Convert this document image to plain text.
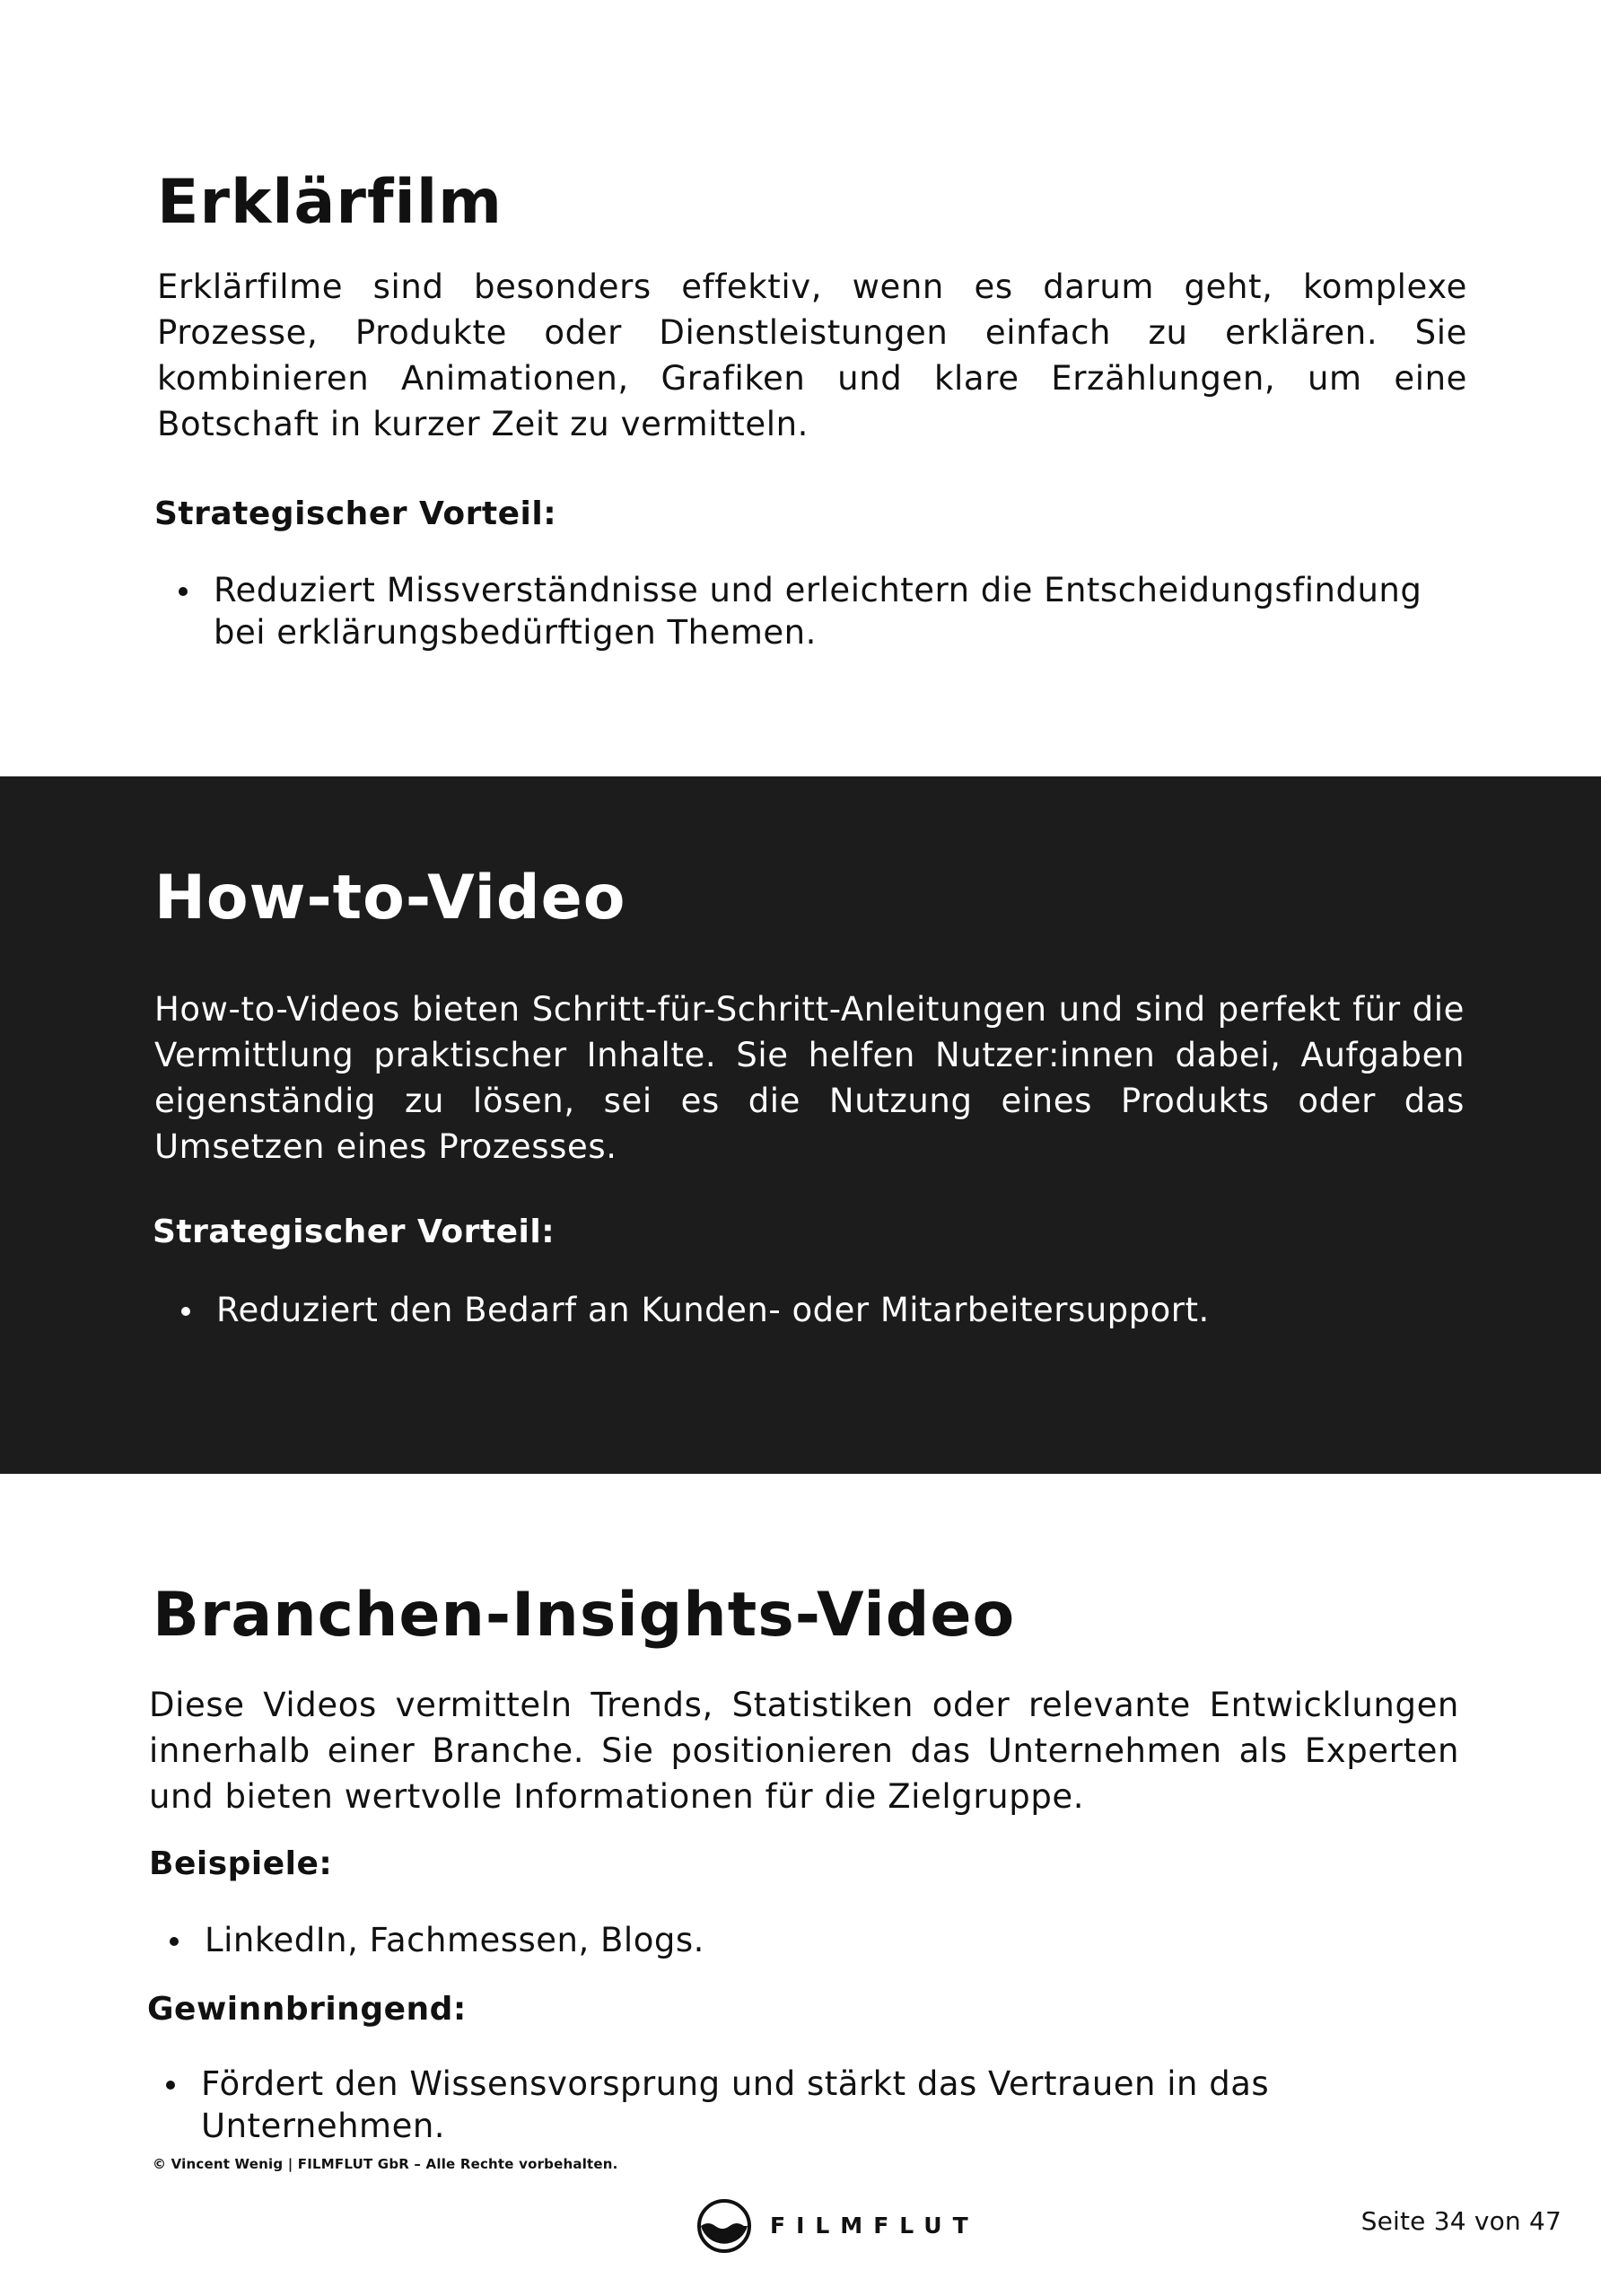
Erklärfilm

Erklärfilme sind besonders effektiv, wenn es darum geht, komplexe Prozesse, Produkte oder Dienstleistungen einfach zu erklären. Sie kombinieren Animationen, Grafiken und klare Erzählungen, um eine Botschaft in kurzer Zeit zu vermitteln.

Strategischer Vorteil:
Reduziert Missverständnisse und erleichtern die Entscheidungsfindung bei erklärungsbedürftigen Themen.
How-to-Video

How-to-Videos bieten Schritt-für-Schritt-Anleitungen und sind perfekt für die Vermittlung praktischer Inhalte. Sie helfen Nutzer:innen dabei, Aufgaben eigenständig zu lösen, sei es die Nutzung eines Produkts oder das Umsetzen eines Prozesses.

Strategischer Vorteil:
Reduziert den Bedarf an Kunden- oder Mitarbeitersupport.
Branchen-Insights-Video

Diese Videos vermitteln Trends, Statistiken oder relevante Entwicklungen innerhalb einer Branche. Sie positionieren das Unternehmen als Experten und bieten wertvolle Informationen für die Zielgruppe.

Beispiele:
LinkedIn, Fachmessen, Blogs.
Gewinnbringend:
Fördert den Wissensvorsprung und stärkt das Vertrauen in das Unternehmen.
© Vincent Wenig | FILMFLUT GbR – Alle Rechte vorbehalten.
FILMFLUT	Seite 34 von 47
